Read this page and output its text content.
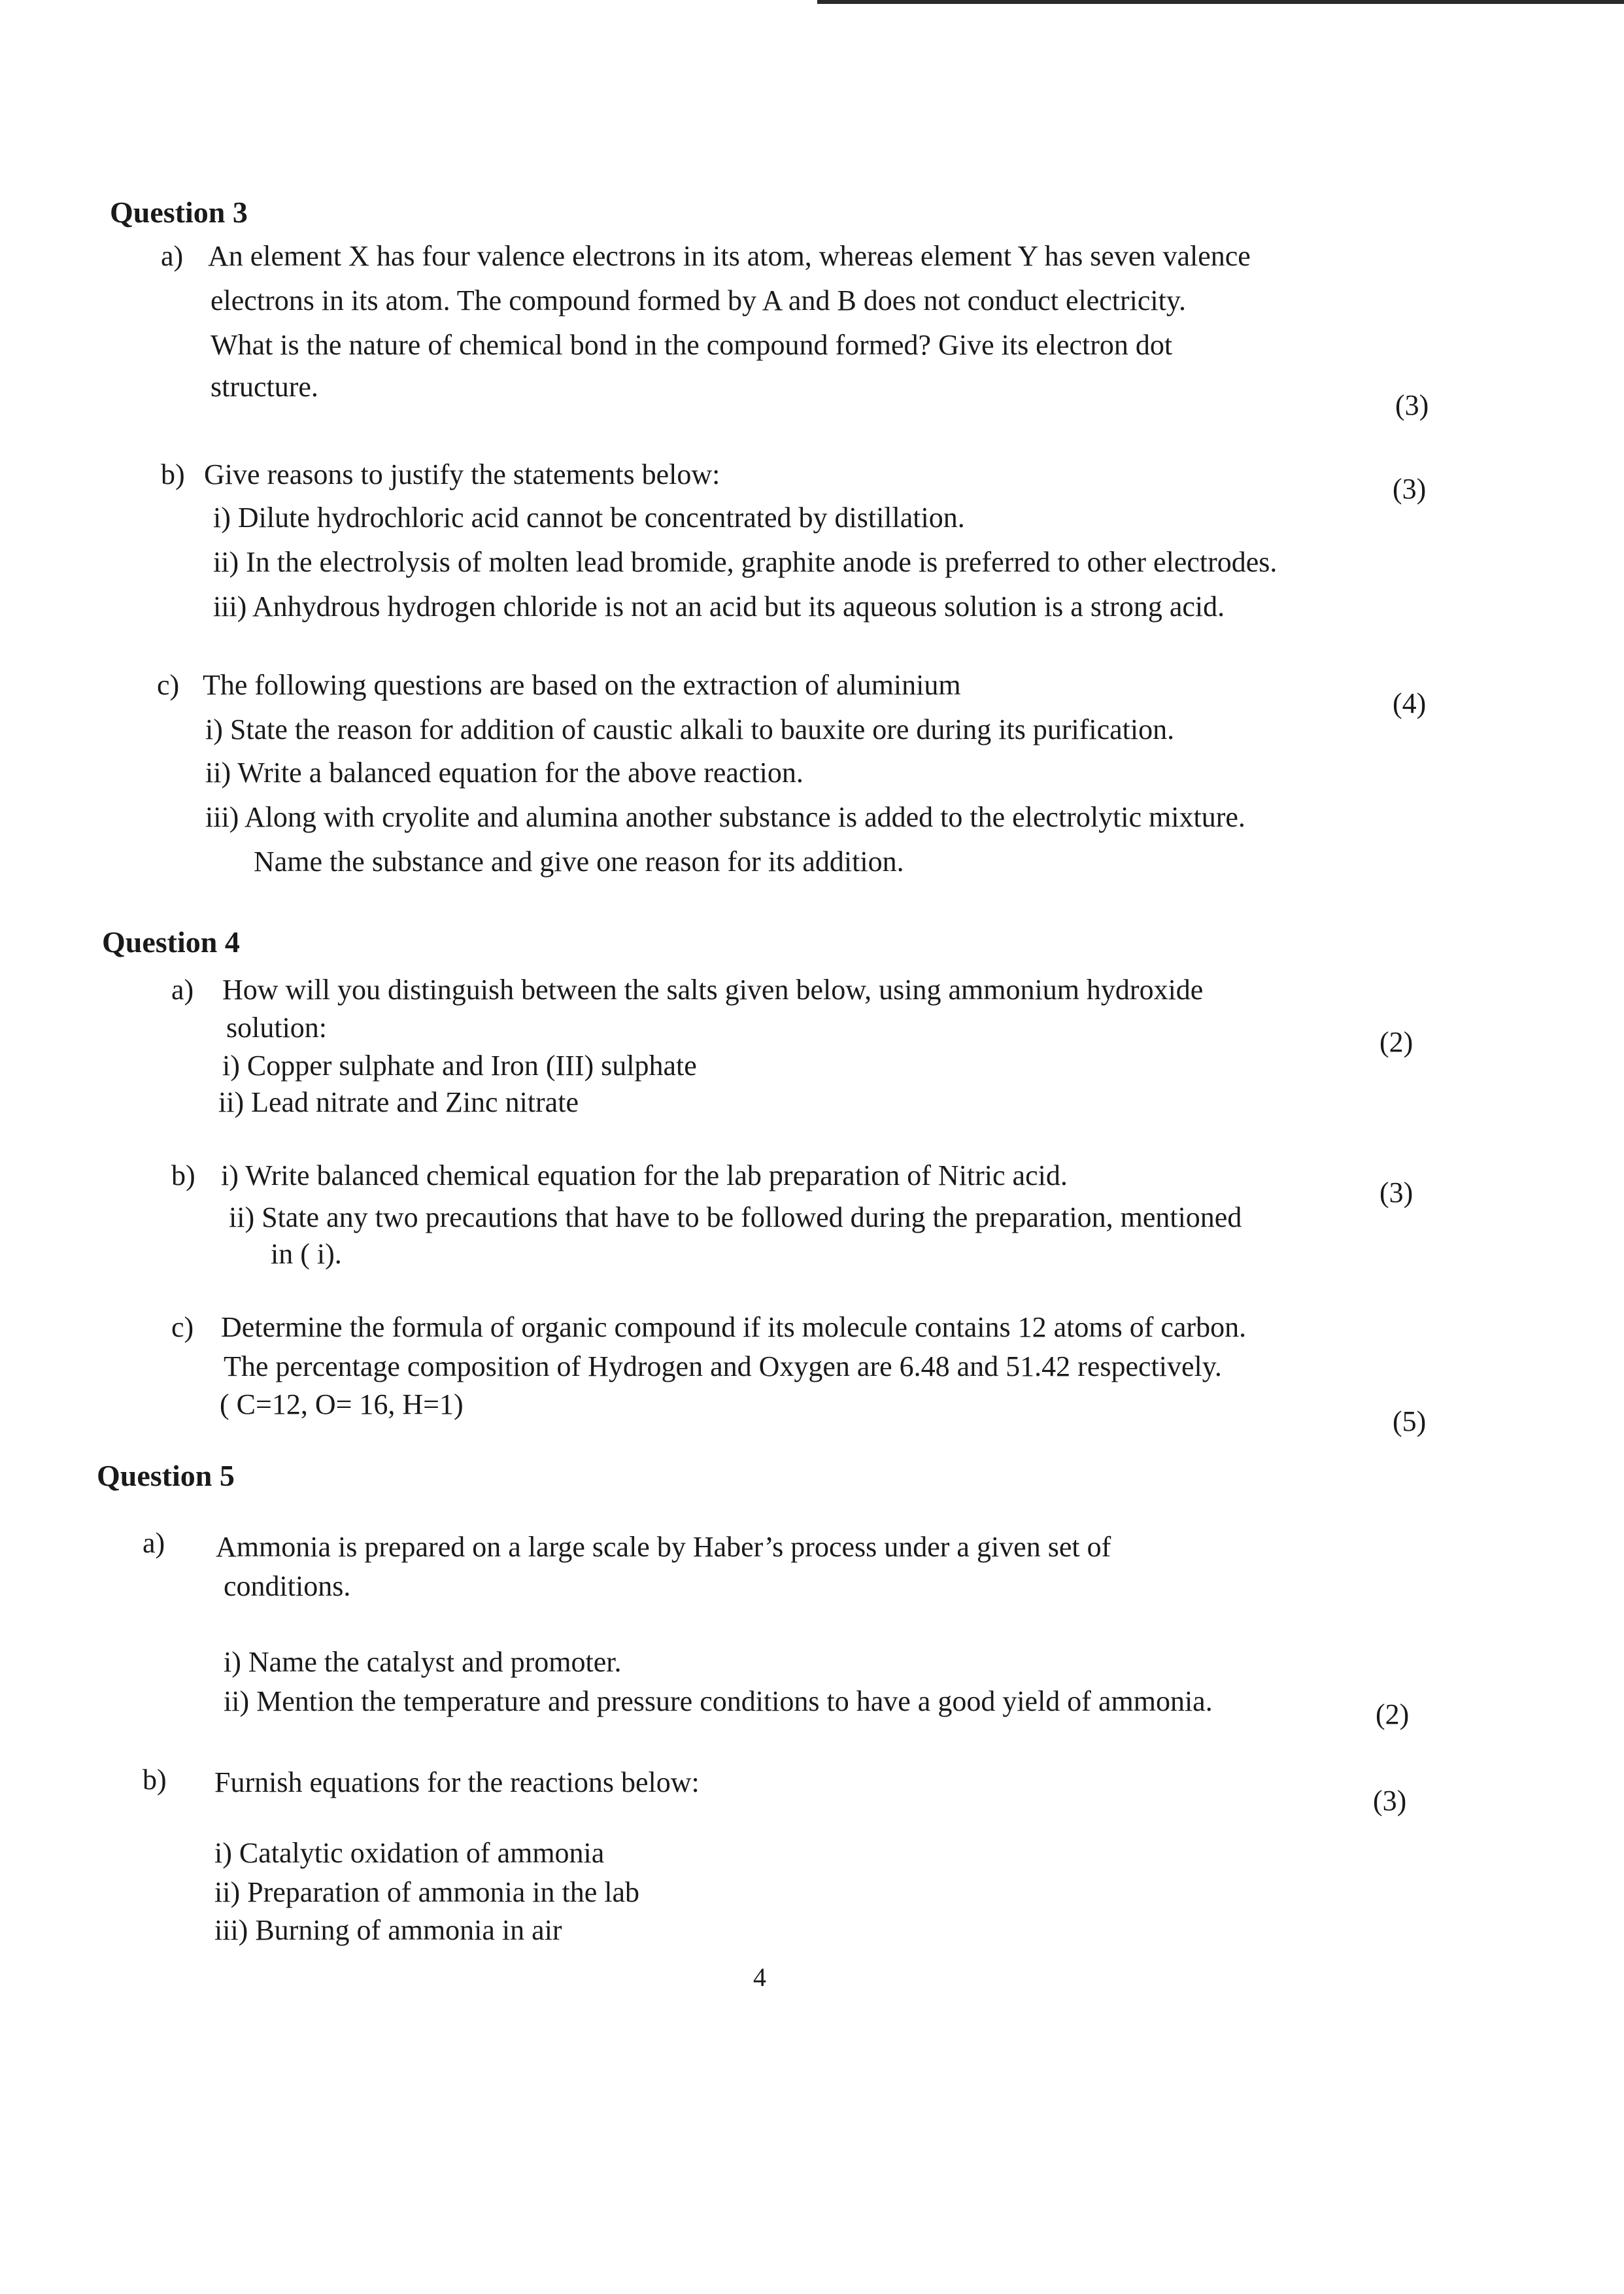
Question 3
a) An element X has four valence electrons in its atom, whereas element Y has seven valence
electrons in its atom. The compound formed by A and B does not conduct electricity.
What is the nature of chemical bond in the compound formed? Give its electron dot
structure.
(3)
b) Give reasons to justify the statements below:	(3)
i) Dilute hydrochloric acid cannot be concentrated by distillation.
ii) In the electrolysis of molten lead bromide, graphite anode is preferred to other electrodes.
iii) Anhydrous hydrogen chloride is not an acid but its aqueous solution is a strong acid.
c) The following questions are based on the extraction of aluminium
(4)
i) State the reason for addition of caustic alkali to bauxite ore during its purification.
ii) Write a balanced equation for the above reaction.
iii) Along with cryolite and alumina another substance is added to the electrolytic mixture.
Name the substance and give one reason for its addition.
Question 4
a) How will you distinguish between the salts given below, using ammonium hydroxide
solution:	(2)
i) Copper sulphate and Iron (III) sulphate
ii) Lead nitrate and Zinc nitrate
b) i) Write balanced chemical equation for the lab preparation of Nitric acid.
(3)
ii) State any two precautions that have to be followed during the preparation, mentioned
in ( i).
c) Determine the formula of organic compound if its molecule contains 12 atoms of carbon.
The percentage composition of Hydrogen and Oxygen are 6.48 and 51.42 respectively.
( C=12, O= 16, H=1)
(5)
Question 5
a) Ammonia is prepared on a large scale by Haber’s process under a given set of
conditions.
i) Name the catalyst and promoter.
ii) Mention the temperature and pressure conditions to have a good yield of ammonia.	(2)
b) Furnish equations for the reactions below:
(3)
i) Catalytic oxidation of ammonia
ii) Preparation of ammonia in the lab
iii) Burning of ammonia in air
4
